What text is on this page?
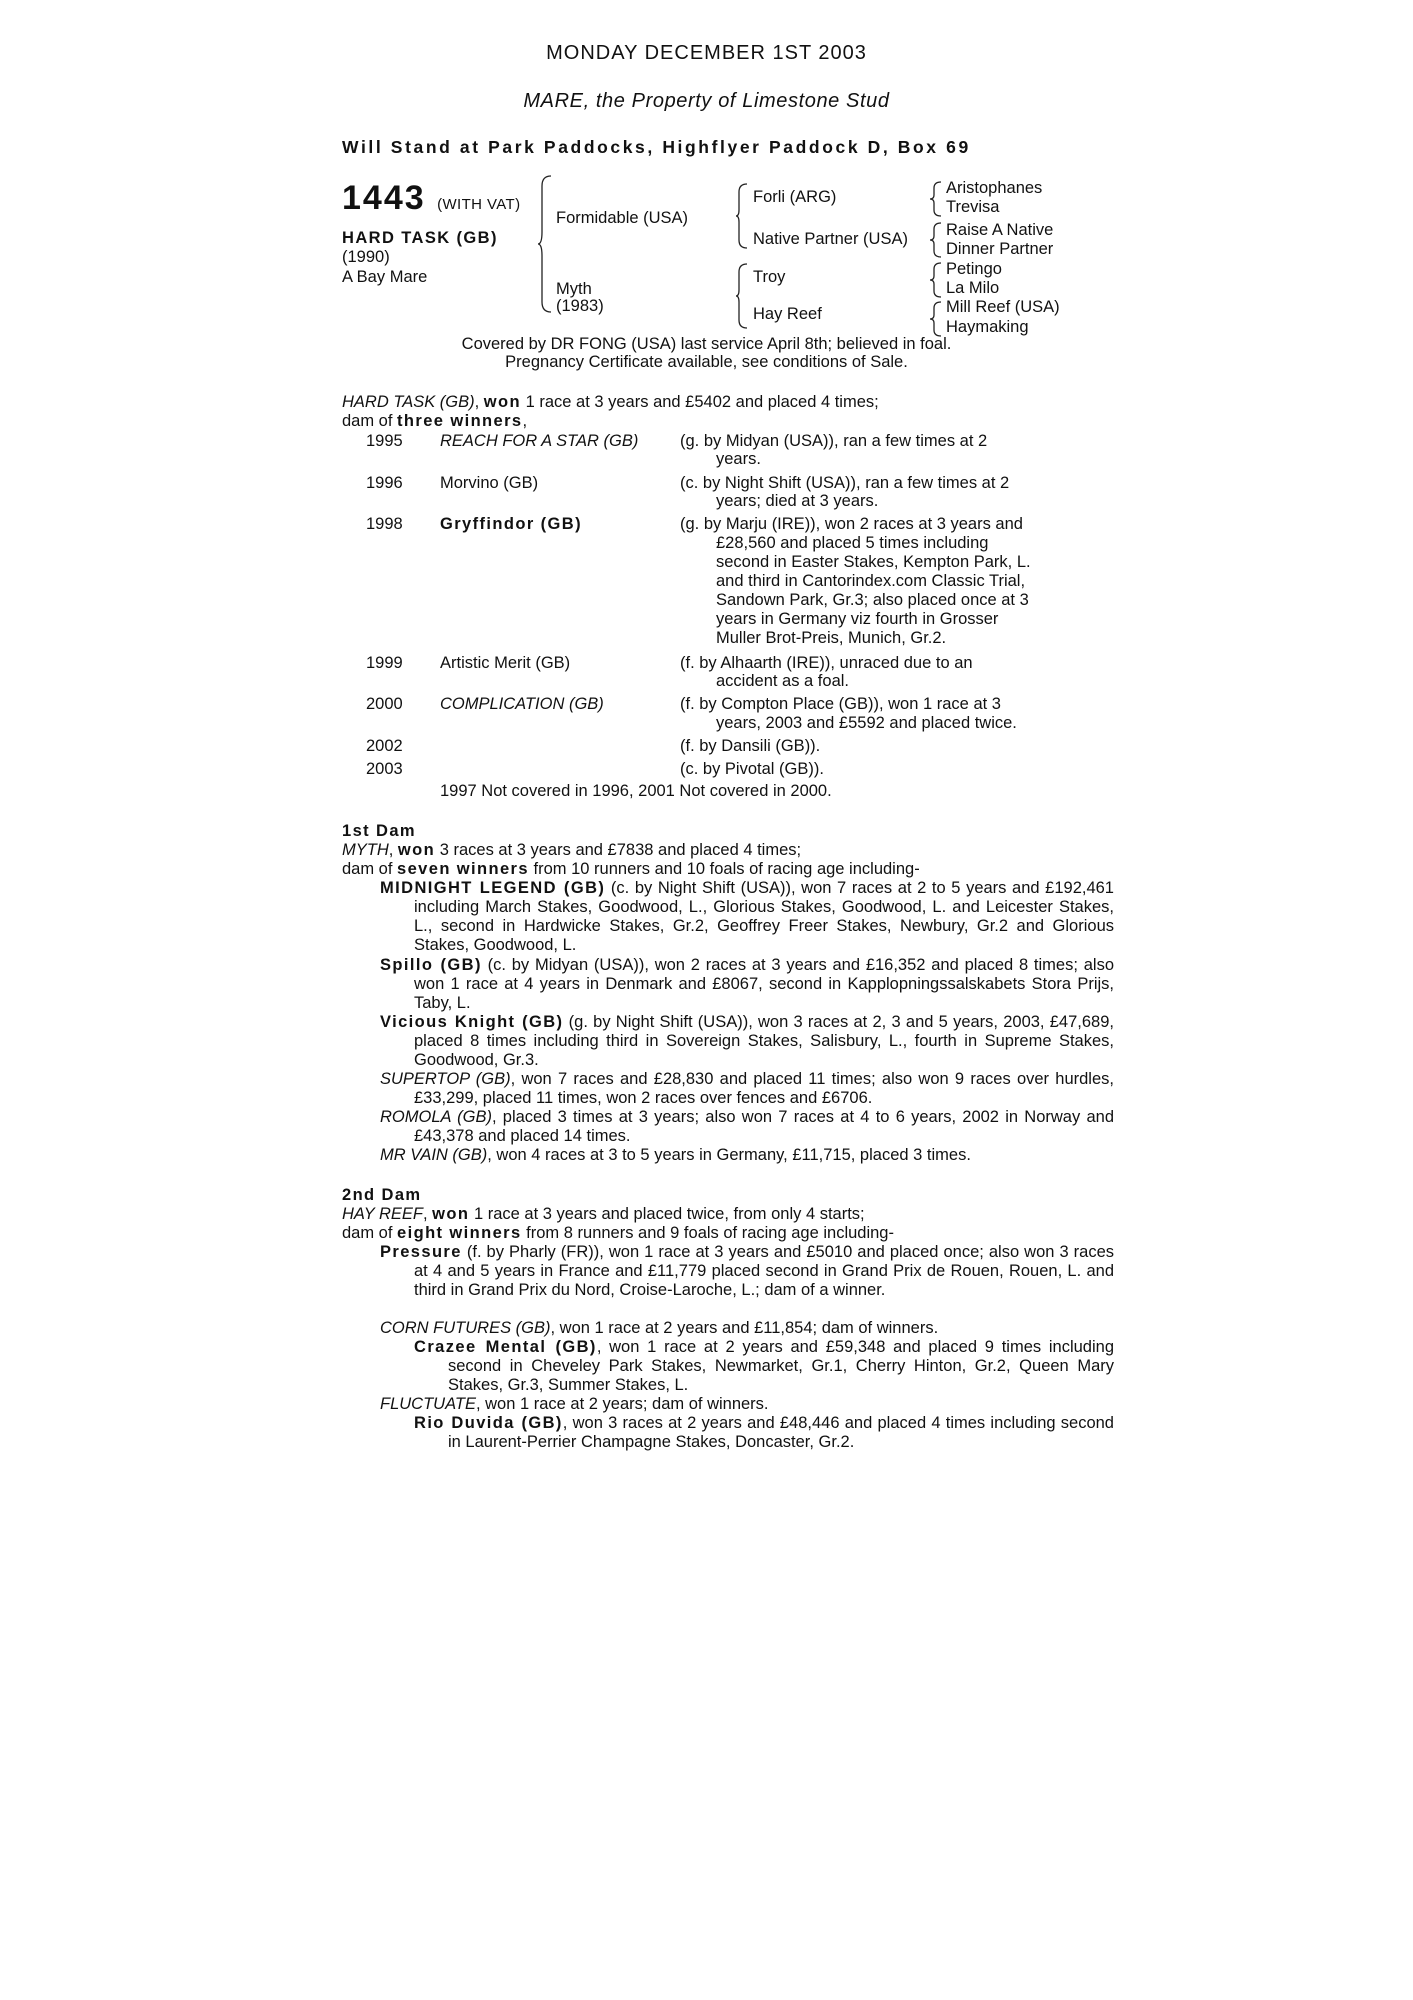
MONDAY DECEMBER 1ST 2003
MARE, the Property of Limestone Stud
Will Stand at Park Paddocks, Highflyer Paddock D, Box 69
1443 (WITH VAT)
HARD TASK (GB)
(1990)
A Bay Mare
Formidable (USA)
Myth
(1983)
Forli (ARG)
Native Partner (USA)
Troy
Hay Reef
Aristophanes
Trevisa
Raise A Native
Dinner Partner
Petingo
La Milo
Mill Reef (USA)
Haymaking
Covered by DR FONG (USA) last service April 8th; believed in foal.
Pregnancy Certificate available, see conditions of Sale.
HARD TASK (GB), won 1 race at 3 years and £5402 and placed 4 times;
dam of three winners,
1995 REACH FOR A STAR (GB)	(g. by Midyan (USA)), ran a few times at 2
years.
1996 Morvino (GB)	(c. by Night Shift (USA)), ran a few times at 2
years; died at 3 years.
1998 Gryffindor (GB)	(g. by Marju (IRE)), won 2 races at 3 years and
£28,560 and placed 5 times including
second in Easter Stakes, Kempton Park, L.
and third in Cantorindex.com Classic Trial,
Sandown Park, Gr.3; also placed once at 3
years in Germany viz fourth in Grosser
Muller Brot-Preis, Munich, Gr.2.
1999 Artistic Merit (GB)	(f. by Alhaarth (IRE)), unraced due to an
accident as a foal.
2000 COMPLICATION (GB)	(f. by Compton Place (GB)), won 1 race at 3
years, 2003 and £5592 and placed twice.
2002	(f. by Dansili (GB)).
2003	(c. by Pivotal (GB)).
1997 Not covered in 1996, 2001 Not covered in 2000.
1st Dam
MYTH, won 3 races at 3 years and £7838 and placed 4 times;
dam of seven winners from 10 runners and 10 foals of racing age including-
MIDNIGHT LEGEND (GB) (c. by Night Shift (USA)), won 7 races at 2 to 5 years and £192,461 including March Stakes, Goodwood, L., Glorious Stakes, Goodwood, L. and Leicester Stakes, L., second in Hardwicke Stakes, Gr.2, Geoffrey Freer Stakes, Newbury, Gr.2 and Glorious Stakes, Goodwood, L.
Spillo (GB) (c. by Midyan (USA)), won 2 races at 3 years and £16,352 and placed 8 times; also won 1 race at 4 years in Denmark and £8067, second in Kapplopningssalskabets Stora Prijs, Taby, L.
Vicious Knight (GB) (g. by Night Shift (USA)), won 3 races at 2, 3 and 5 years, 2003, £47,689, placed 8 times including third in Sovereign Stakes, Salisbury, L., fourth in Supreme Stakes, Goodwood, Gr.3.
SUPERTOP (GB), won 7 races and £28,830 and placed 11 times; also won 9 races over hurdles, £33,299, placed 11 times, won 2 races over fences and £6706.
ROMOLA (GB), placed 3 times at 3 years; also won 7 races at 4 to 6 years, 2002 in Norway and £43,378 and placed 14 times.
MR VAIN (GB), won 4 races at 3 to 5 years in Germany, £11,715, placed 3 times.
2nd Dam
HAY REEF, won 1 race at 3 years and placed twice, from only 4 starts;
dam of eight winners from 8 runners and 9 foals of racing age including-
Pressure (f. by Pharly (FR)), won 1 race at 3 years and £5010 and placed once; also won 3 races at 4 and 5 years in France and £11,779 placed second in Grand Prix de Rouen, Rouen, L. and third in Grand Prix du Nord, Croise-Laroche, L.; dam of a winner.
CORN FUTURES (GB), won 1 race at 2 years and £11,854; dam of winners.
Crazee Mental (GB), won 1 race at 2 years and £59,348 and placed 9 times including second in Cheveley Park Stakes, Newmarket, Gr.1, Cherry Hinton, Gr.2, Queen Mary Stakes, Gr.3, Summer Stakes, L.
FLUCTUATE, won 1 race at 2 years; dam of winners.
Rio Duvida (GB), won 3 races at 2 years and £48,446 and placed 4 times including second in Laurent-Perrier Champagne Stakes, Doncaster, Gr.2.
